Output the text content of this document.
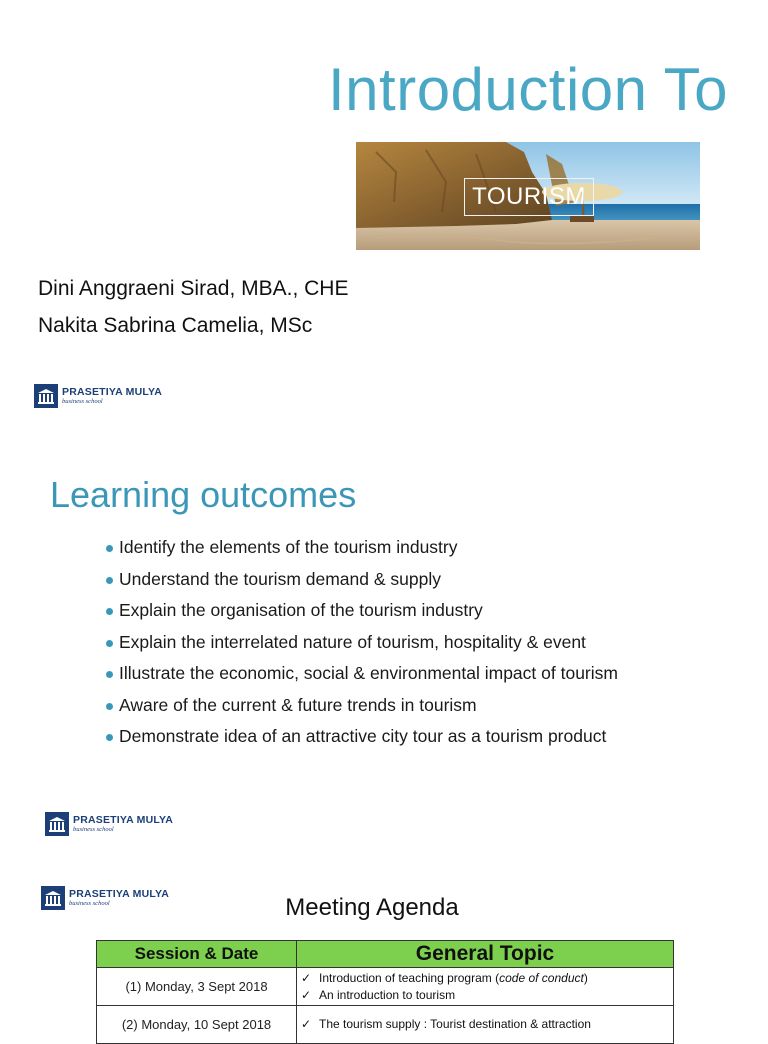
Introduction To
TOURISM
Dini Anggraeni Sirad, MBA., CHE
Nakita Sabrina Camelia, MSc
PRASETIYA MULYA
business school
Learning outcomes
Identify the elements of the tourism industry
Understand the tourism demand & supply
Explain the organisation of the tourism industry
Explain the interrelated nature of tourism, hospitality & event
Illustrate the economic, social & environmental impact of tourism
Aware of the current & future trends in tourism
Demonstrate idea of an attractive city tour as a tourism product
PRASETIYA MULYA
business school
PRASETIYA MULYA
business school	Meeting Agenda
Session & Date	General Topic
(1) Monday, 3 Sept 2018	✓ Introduction of teaching program (code of conduct)
✓ An introduction to tourism

(2) Monday, 10 Sept 2018	✓ The tourism supply : Tourist destination & attraction
